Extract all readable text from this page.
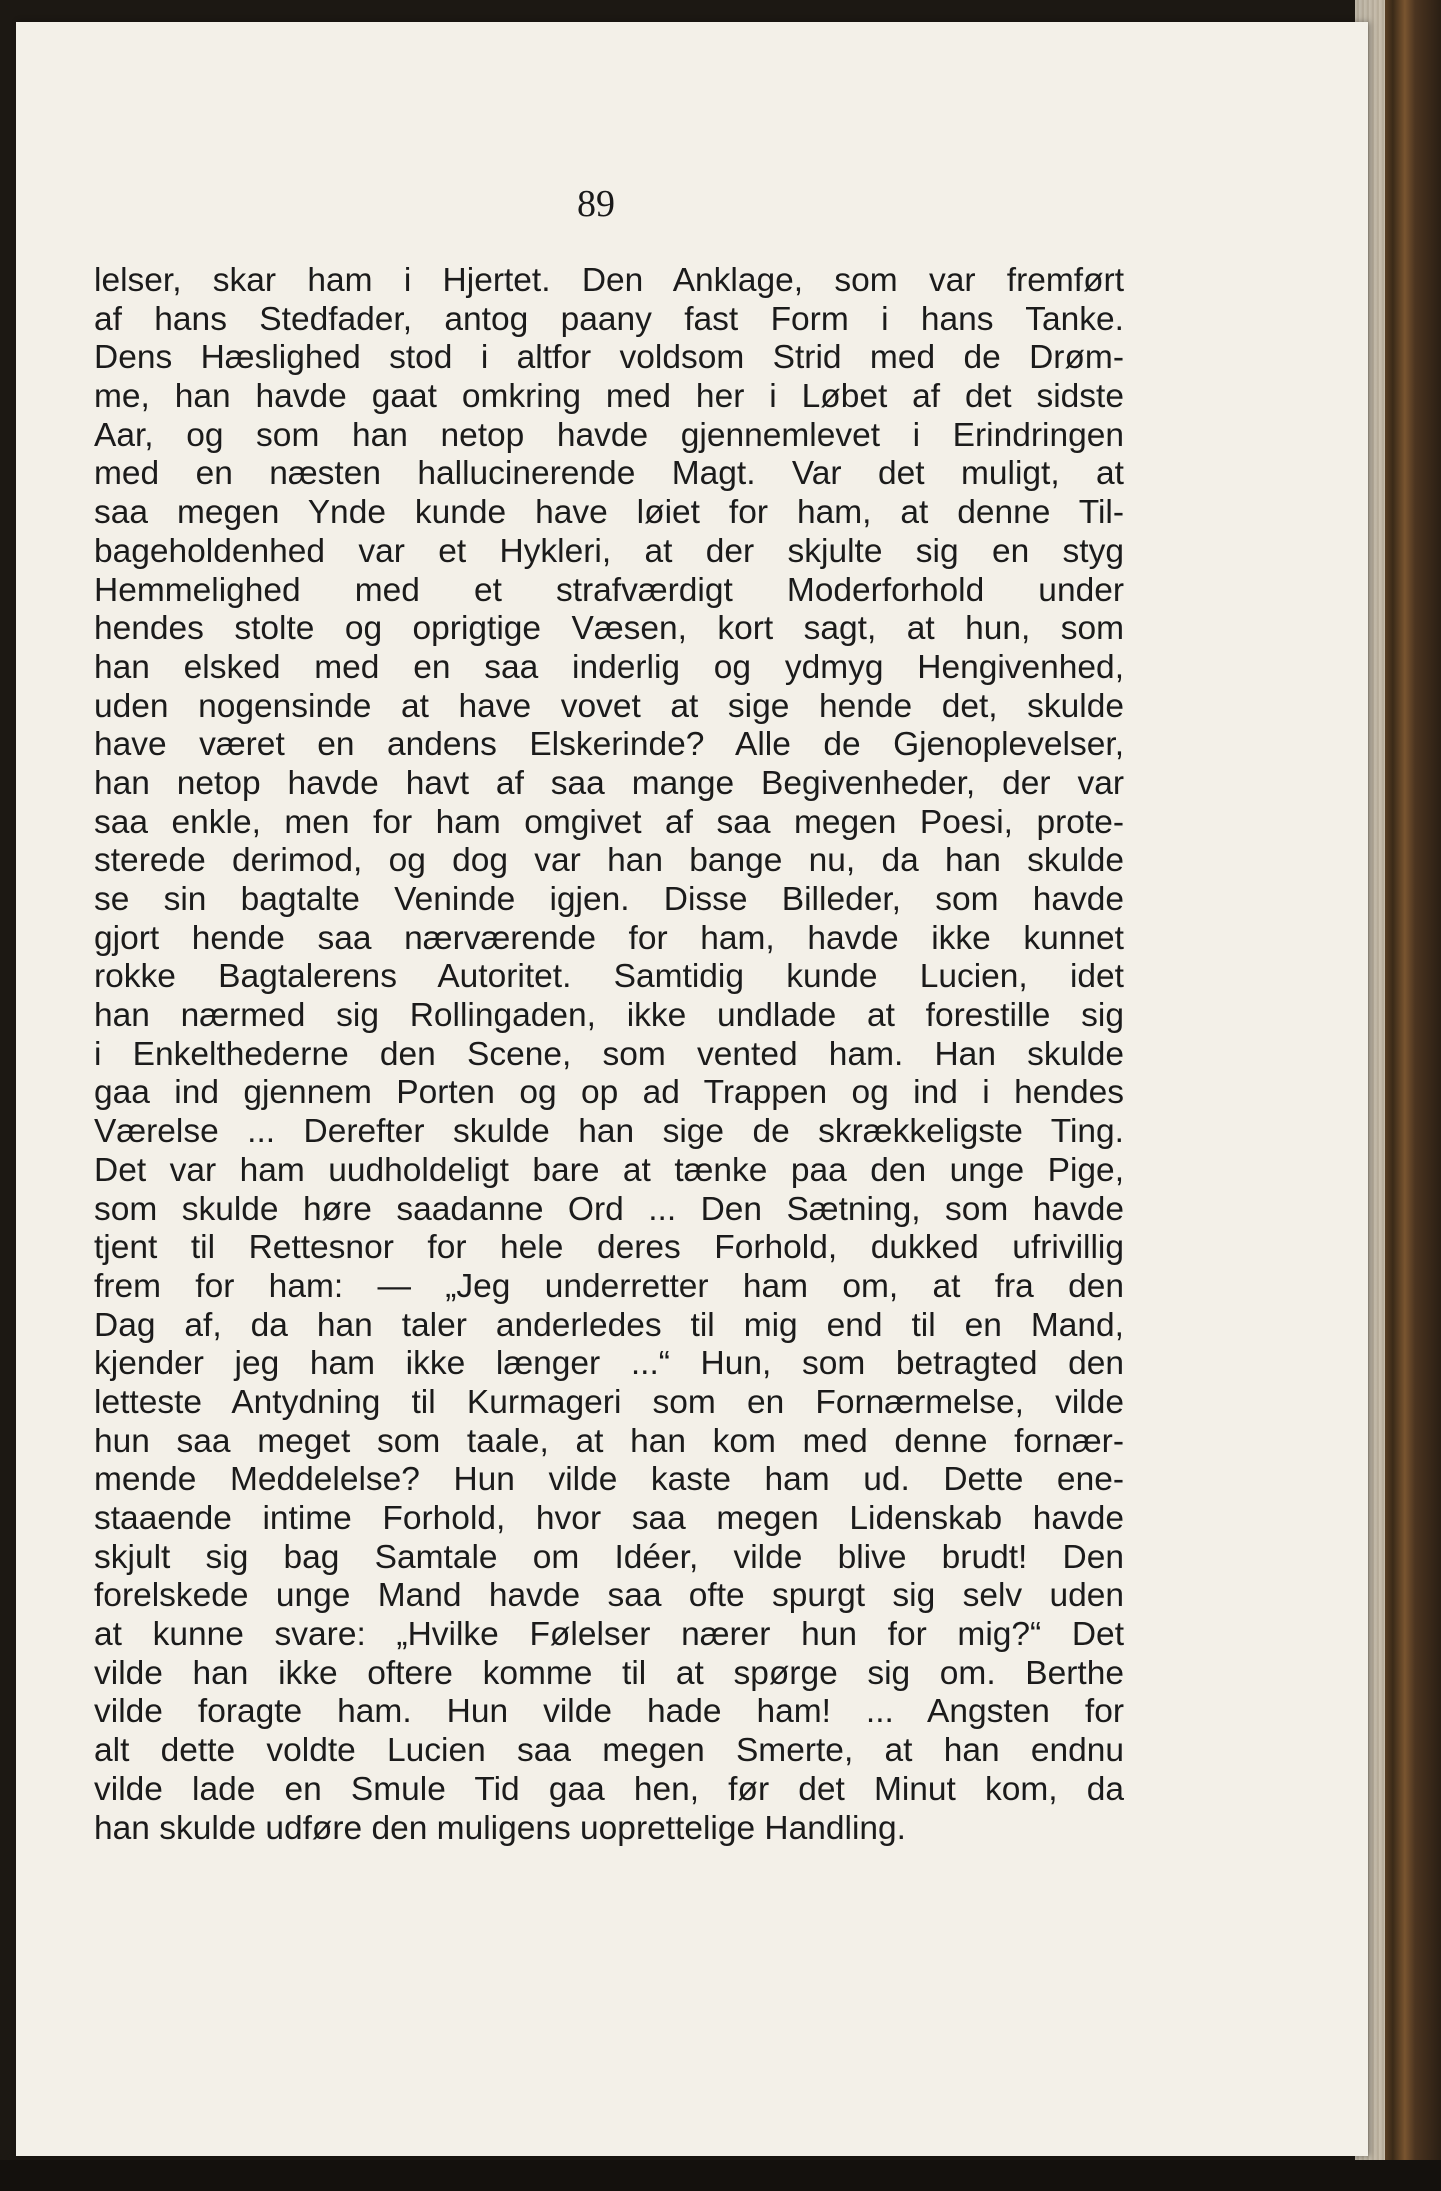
89
lelser, skar ham i Hjertet. Den Anklage, som var fremført
af hans Stedfader, antog paany fast Form i hans Tanke.
Dens Hæslighed stod i altfor voldsom Strid med de Drøm-
me, han havde gaat omkring med her i Løbet af det sidste
Aar, og som han netop havde gjennemlevet i Erindringen
med en næsten hallucinerende Magt. Var det muligt, at
saa megen Ynde kunde have løiet for ham, at denne Til-
bageholdenhed var et Hykleri, at der skjulte sig en styg
Hemmelighed med et strafværdigt Moderforhold under
hendes stolte og oprigtige Væsen, kort sagt, at hun, som
han elsked med en saa inderlig og ydmyg Hengivenhed,
uden nogensinde at have vovet at sige hende det, skulde
have været en andens Elskerinde? Alle de Gjenoplevelser,
han netop havde havt af saa mange Begivenheder, der var
saa enkle, men for ham omgivet af saa megen Poesi, prote-
sterede derimod, og dog var han bange nu, da han skulde
se sin bagtalte Veninde igjen. Disse Billeder, som havde
gjort hende saa nærværende for ham, havde ikke kunnet
rokke Bagtalerens Autoritet. Samtidig kunde Lucien, idet
han nærmed sig Rollingaden, ikke undlade at forestille sig
i Enkelthederne den Scene, som vented ham. Han skulde
gaa ind gjennem Porten og op ad Trappen og ind i hendes
Værelse ... Derefter skulde han sige de skrækkeligste Ting.
Det var ham uudholdeligt bare at tænke paa den unge Pige,
som skulde høre saadanne Ord ... Den Sætning, som havde
tjent til Rettesnor for hele deres Forhold, dukked ufrivillig
frem for ham: — „Jeg underretter ham om, at fra den
Dag af, da han taler anderledes til mig end til en Mand,
kjender jeg ham ikke længer ...“ Hun, som betragted den
letteste Antydning til Kurmageri som en Fornærmelse, vilde
hun saa meget som taale, at han kom med denne fornær-
mende Meddelelse? Hun vilde kaste ham ud. Dette ene-
staaende intime Forhold, hvor saa megen Lidenskab havde
skjult sig bag Samtale om Idéer, vilde blive brudt! Den
forelskede unge Mand havde saa ofte spurgt sig selv uden
at kunne svare: „Hvilke Følelser nærer hun for mig?“ Det
vilde han ikke oftere komme til at spørge sig om. Berthe
vilde foragte ham. Hun vilde hade ham! ... Angsten for
alt dette voldte Lucien saa megen Smerte, at han endnu
vilde lade en Smule Tid gaa hen, før det Minut kom, da
han skulde udføre den muligens uoprettelige Handling.
